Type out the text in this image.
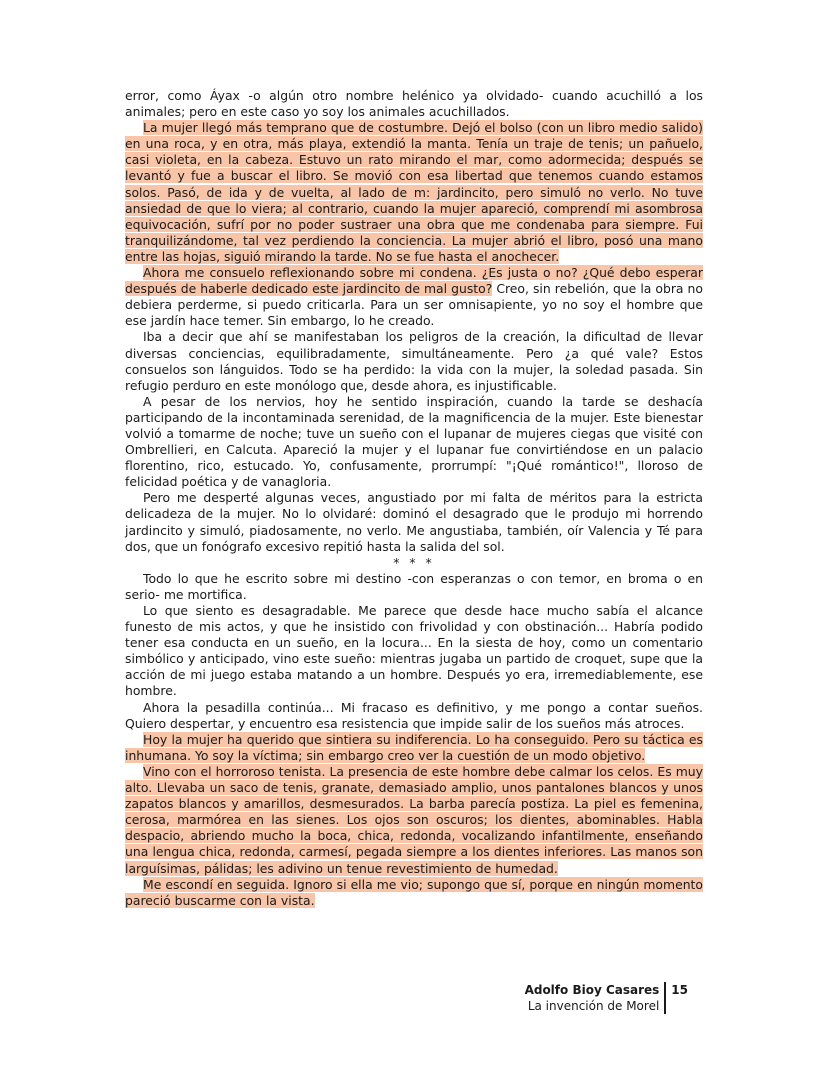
error, como Áyax -o algún otro nombre helénico ya olvidado- cuando acuchilló a los animales; pero en este caso yo soy los animales acuchillados.

La mujer llegó más temprano que de costumbre. Dejó el bolso (con un libro medio salido) en una roca, y en otra, más playa, extendió la manta. Tenía un traje de tenis; un pañuelo, casi violeta, en la cabeza. Estuvo un rato mirando el mar, como adormecida; después se levantó y fue a buscar el libro. Se movió con esa libertad que tenemos cuando estamos solos. Pasó, de ida y de vuelta, al lado de m: jardincito, pero simuló no verlo. No tuve ansiedad de que lo viera; al contrario, cuando la mujer apareció, comprendí mi asombrosa equivocación, sufrí por no poder sustraer una obra que me condenaba para siempre. Fui tranquilizándome, tal vez perdiendo la conciencia. La mujer abrió el libro, posó una mano entre las hojas, siguió mirando la tarde. No se fue hasta el anochecer.

Ahora me consuelo reflexionando sobre mi condena. ¿Es justa o no? ¿Qué debo esperar después de haberle dedicado este jardincito de mal gusto? Creo, sin rebelión, que la obra no debiera perderme, si puedo criticarla. Para un ser omnisapiente, yo no soy el hombre que ese jardín hace temer. Sin embargo, lo he creado.

Iba a decir que ahí se manifestaban los peligros de la creación, la dificultad de llevar diversas conciencias, equilibradamente, simultáneamente. Pero ¿a qué vale? Estos consuelos son lánguidos. Todo se ha perdido: la vida con la mujer, la soledad pasada. Sin refugio perduro en este monólogo que, desde ahora, es injustificable.

A pesar de los nervios, hoy he sentido inspiración, cuando la tarde se deshacía participando de la incontaminada serenidad, de la magnificencia de la mujer. Este bienestar volvió a tomarme de noche; tuve un sueño con el lupanar de mujeres ciegas que visité con Ombrellieri, en Calcuta. Apareció la mujer y el lupanar fue convirtiéndose en un palacio florentino, rico, estucado. Yo, confusamente, prorrumpí: "¡Qué romántico!", lloroso de felicidad poética y de vanagloria.

Pero me desperté algunas veces, angustiado por mi falta de méritos para la estricta delicadeza de la mujer. No lo olvidaré: dominó el desagrado que le produjo mi horrendo jardincito y simuló, piadosamente, no verlo. Me angustiaba, también, oír Valencia y Té para dos, que un fonógrafo excesivo repitió hasta la salida del sol.

* * *

Todo lo que he escrito sobre mi destino -con esperanzas o con temor, en broma o en serio- me mortifica.

Lo que siento es desagradable. Me parece que desde hace mucho sabía el alcance funesto de mis actos, y que he insistido con frivolidad y con obstinación... Habría podido tener esa conducta en un sueño, en la locura... En la siesta de hoy, como un comentario simbólico y anticipado, vino este sueño: mientras jugaba un partido de croquet, supe que la acción de mi juego estaba matando a un hombre. Después yo era, irremediablemente, ese hombre.

Ahora la pesadilla continúa... Mi fracaso es definitivo, y me pongo a contar sueños. Quiero despertar, y encuentro esa resistencia que impide salir de los sueños más atroces.

Hoy la mujer ha querido que sintiera su indiferencia. Lo ha conseguido. Pero su táctica es inhumana. Yo soy la víctima; sin embargo creo ver la cuestión de un modo objetivo.

Vino con el horroroso tenista. La presencia de este hombre debe calmar los celos. Es muy alto. Llevaba un saco de tenis, granate, demasiado amplio, unos pantalones blancos y unos zapatos blancos y amarillos, desmesurados. La barba parecía postiza. La piel es femenina, cerosa, marmórea en las sienes. Los ojos son oscuros; los dientes, abominables. Habla despacio, abriendo mucho la boca, chica, redonda, vocalizando infantilmente, enseñando una lengua chica, redonda, carmesí, pegada siempre a los dientes inferiores. Las manos son larguísimas, pálidas; les adivino un tenue revestimiento de humedad.

Me escondí en seguida. Ignoro si ella me vio; supongo que sí, porque en ningún momento pareció buscarme con la vista.

Adolfo Bioy Casares
La invención de Morel
15
